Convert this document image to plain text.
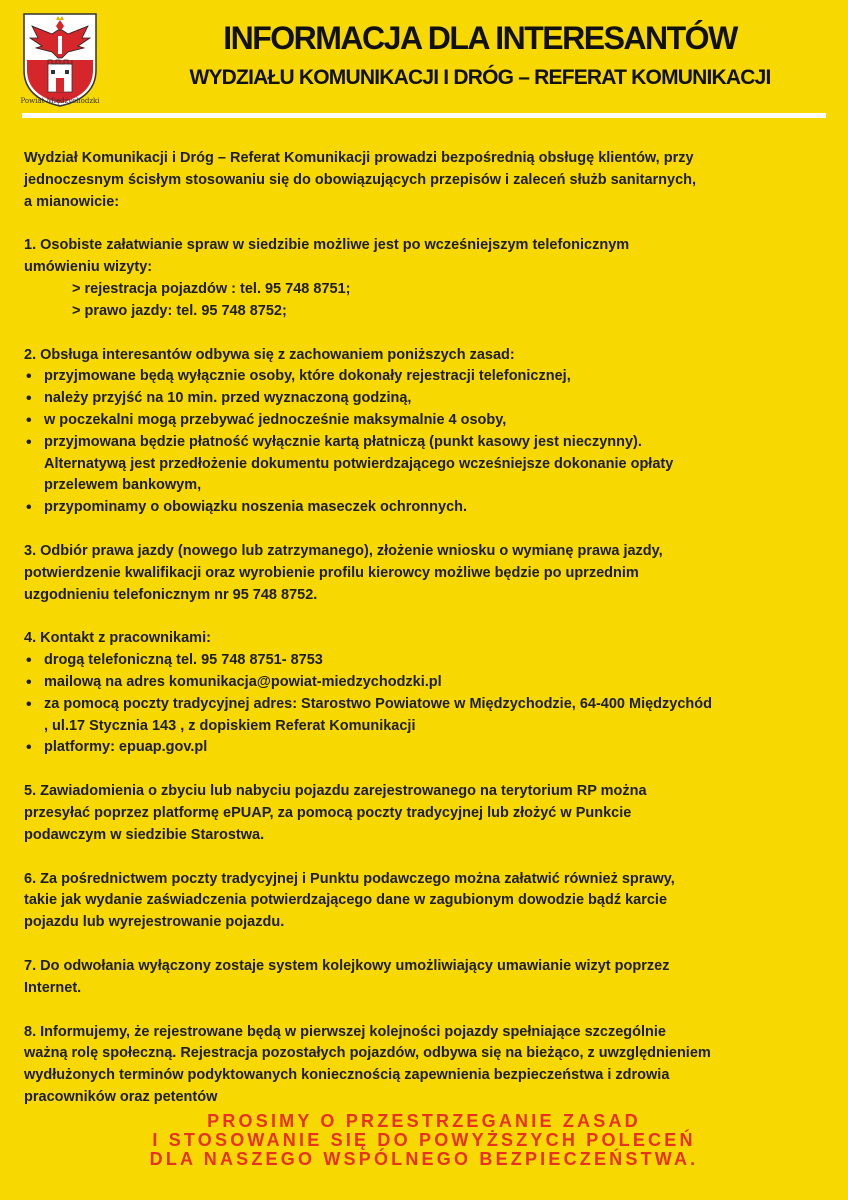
Powiat Międzychodzki
INFORMACJA DLA INTERESANTÓW
WYDZIAŁU KOMUNIKACJI I DRÓG – REFERAT KOMUNIKACJI

Wydział Komunikacji i Dróg – Referat Komunikacji prowadzi bezpośrednią obsługę klientów, przy

jednoczesnym ścisłym stosowaniu się do obowiązujących przepisów i zaleceń służb sanitarnych,

a mianowicie:

1. Osobiste załatwianie spraw w siedzibie możliwe jest po wcześniejszym telefonicznym

umówieniu wizyty:

> rejestracja pojazdów : tel. 95 748 8751;

> prawo jazdy: tel. 95 748 8752;

2. Obsługa interesantów odbywa się z zachowaniem poniższych zasad:

• przyjmowane będą wyłącznie osoby, które dokonały rejestracji telefonicznej,
• należy przyjść na 10 min. przed wyznaczoną godziną,
• w poczekalni mogą przebywać jednocześnie maksymalnie 4 osoby,
• przyjmowana będzie płatność wyłącznie kartą płatniczą (punkt kasowy jest nieczynny).
Alternatywą jest przedłożenie dokumentu potwierdzającego wcześniejsze dokonanie opłaty
przelewem bankowym,
• przypominamy o obowiązku noszenia maseczek ochronnych.

3. Odbiór prawa jazdy (nowego lub zatrzymanego), złożenie wniosku o wymianę prawa jazdy,

potwierdzenie kwalifikacji oraz wyrobienie profilu kierowcy możliwe będzie po uprzednim

uzgodnieniu telefonicznym nr 95 748 8752.

4. Kontakt z pracownikami:

• drogą telefoniczną tel. 95 748 8751- 8753
• mailową na adres komunikacja@powiat-miedzychodzki.pl
• za pomocą poczty tradycyjnej adres: Starostwo Powiatowe w Międzychodzie, 64-400 Międzychód
, ul.17 Stycznia 143 , z dopiskiem Referat Komunikacji
• platformy: epuap.gov.pl

5. Zawiadomienia o zbyciu lub nabyciu pojazdu zarejestrowanego na terytorium RP można

przesyłać poprzez platformę ePUAP, za pomocą poczty tradycyjnej lub złożyć w Punkcie

podawczym w siedzibie Starostwa.

6. Za pośrednictwem poczty tradycyjnej i Punktu podawczego można załatwić również sprawy,

takie jak wydanie zaświadczenia potwierdzającego dane w zagubionym dowodzie bądź karcie

pojazdu lub wyrejestrowanie pojazdu.

7. Do odwołania wyłączony zostaje system kolejkowy umożliwiający umawianie wizyt poprzez

Internet.

8. Informujemy, że rejestrowane będą w pierwszej kolejności pojazdy spełniające szczególnie

ważną rolę społeczną. Rejestracja pozostałych pojazdów, odbywa się na bieżąco, z uwzględnieniem

wydłużonych terminów podyktowanych koniecznością zapewnienia bezpieczeństwa i zdrowia

pracowników oraz petentów

PROSIMY O PRZESTRZEGANIE ZASAD
I STOSOWANIE SIĘ DO POWYŻSZYCH POLECEŃ
DLA NASZEGO WSPÓLNEGO BEZPIECZEŃSTWA.
